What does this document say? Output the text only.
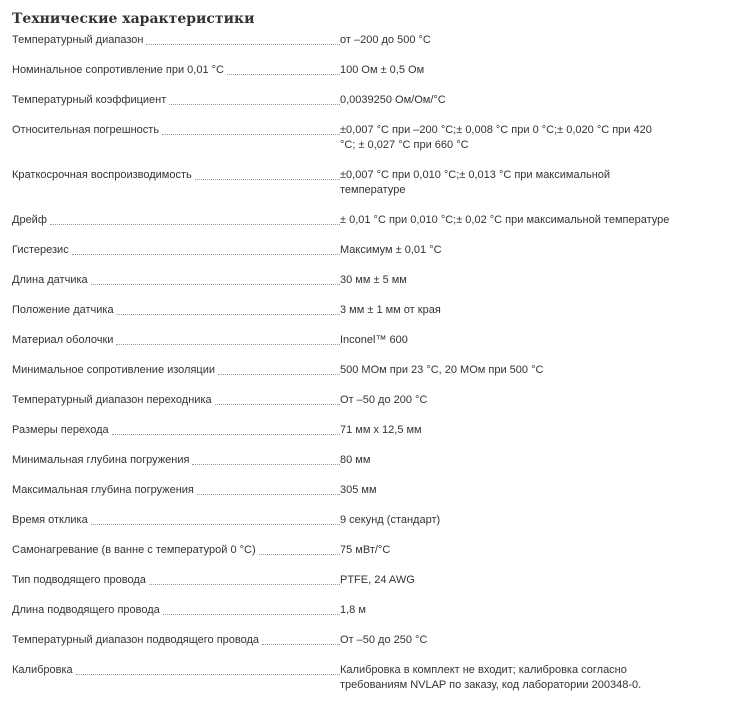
Технические характеристики
Температурный диапазон	от –200 до 500 °C
Номинальное сопротивление при 0,01 °C	100 Ом ± 0,5 Ом
Температурный коэффициент	0,0039250 Ом/Ом/°C
Относительная погрешность	±0,007 °C при –200 °C;± 0,008 °C при 0 °C;± 0,020 °C при 420 °C; ± 0,027 °C при 660 °C
Краткосрочная воспроизводимость	±0,007 °C при 0,010 °C;± 0,013 °C при максимальной температуре
Дрейф	± 0,01 °C при 0,010 °C;± 0,02 °C при максимальной температуре
Гистерезис	Максимум ± 0,01 °C
Длина датчика	30 мм ± 5 мм
Положение датчика	3 мм ± 1 мм от края
Материал оболочки	Inconel™ 600
Минимальное сопротивление изоляции	500 МОм при 23 °C, 20 МОм при 500 °C
Температурный диапазон переходника	От –50 до 200 °C
Размеры перехода	71 мм x 12,5 мм
Минимальная глубина погружения	80 мм
Максимальная глубина погружения	305 мм
Время отклика	9 секунд (стандарт)
Самонагревание (в ванне с температурой 0 °C)	75 мВт/°C
Тип подводящего провода	PTFE, 24 AWG
Длина подводящего провода	1,8 м
Температурный диапазон подводящего провода	От –50 до 250 °C
Калибровка	Калибровка в комплект не входит; калибровка согласно требованиям NVLAP по заказу, код лаборатории 200348-0.
